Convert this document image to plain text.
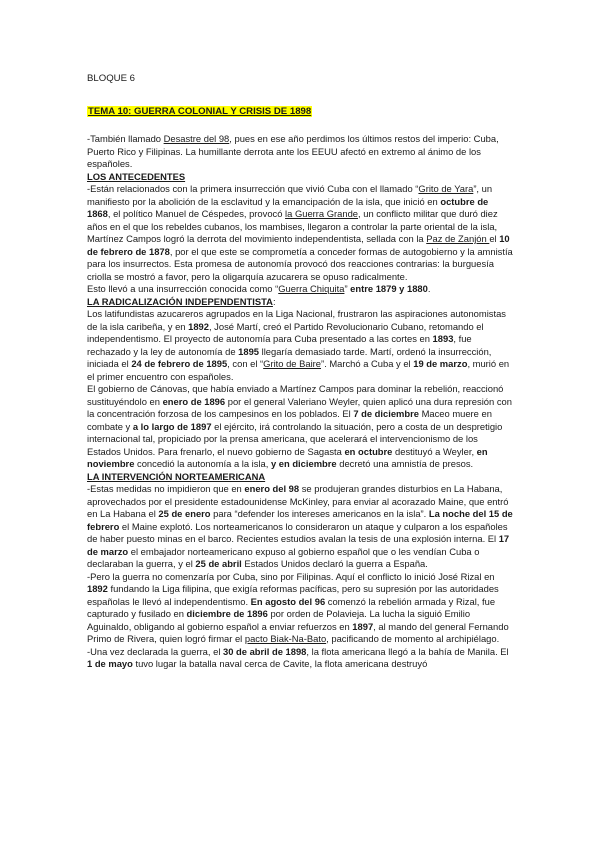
BLOQUE 6

TEMA 10: GUERRA COLONIAL Y CRISIS DE 1898

-También llamado Desastre del 98, pues en ese año perdimos los últimos restos del imperio: Cuba, Puerto Rico y Filipinas. La humillante derrota ante los EEUU afectó en extremo al ánimo de los españoles.

LOS ANTECEDENTES

-Están relacionados con la primera insurrección que vivió Cuba con el llamado “Grito de Yara”, un manifiesto por la abolición de la esclavitud y la emancipación de la isla, que inició en octubre de 1868, el político Manuel de Céspedes, provocó la Guerra Grande, un conflicto militar que duró diez años en el que los rebeldes cubanos, los mambises, llegaron a controlar la parte oriental de la isla, Martínez Campos logró la derrota del movimiento independentista, sellada con la Paz de Zanjón el 10 de febrero de 1878, por el que este se comprometía a conceder formas de autogobierno y la amnistía para los insurrectos. Esta promesa de autonomía provocó dos reacciones contrarias: la burguesía criolla se mostró a favor, pero la oligarquía azucarera se opuso radicalmente.

Esto llevó a una insurrección conocida como “Guerra Chiquita” entre 1879 y 1880.

LA RADICALIZACIÓN INDEPENDENTISTA:

Los latifundistas azucareros agrupados en la Liga Nacional, frustraron las aspiraciones autonomistas de la isla caribeña, y en 1892, José Martí, creó el Partido Revolucionario Cubano, retomando el independentismo. El proyecto de autonomía para Cuba presentado a las cortes en 1893, fue rechazado y la ley de autonomía de 1895 llegaría demasiado tarde. Martí, ordenó la insurrección, iniciada el 24 de febrero de 1895, con el “Grito de Baire”. Marchó a Cuba y el 19 de marzo, murió en el primer encuentro con españoles.

El gobierno de Cánovas, que había enviado a Martínez Campos para dominar la rebelión, reaccionó sustituyéndolo en enero de 1896 por el general Valeriano Weyler, quien aplicó una dura represión con la concentración forzosa de los campesinos en los poblados. El 7 de diciembre Maceo muere en combate y a lo largo de 1897 el ejército, irá controlando la situación, pero a costa de un despretigio internacional tal, propiciado por la prensa americana, que acelerará el intervencionismo de los Estados Unidos. Para frenarlo, el nuevo gobierno de Sagasta en octubre destituyó a Weyler, en noviembre concedió la autonomía a la isla, y en diciembre decretó una amnistía de presos.

LA INTERVENCIÓN NORTEAMERICANA

-Estas medidas no impidieron que en enero del 98 se produjeran grandes disturbios en La Habana, aprovechados por el presidente estadounidense McKinley, para enviar al acorazado Maine, que entró en La Habana el 25 de enero para “defender los intereses americanos en la isla”. La noche del 15 de febrero el Maine explotó. Los norteamericanos lo consideraron un ataque y culparon a los españoles de haber puesto minas en el barco. Recientes estudios avalan la tesis de una explosión interna. El 17 de marzo el embajador norteamericano expuso al gobierno español que o les vendían Cuba o declaraban la guerra, y el 25 de abril Estados Unidos declaró la guerra a España.

-Pero la guerra no comenzaría por Cuba, sino por Filipinas. Aquí el conflicto lo inició José Rizal en 1892 fundando la Liga filipina, que exigía reformas pacíficas, pero su supresión por las autoridades españolas le llevó al independentismo. En agosto del 96 comenzó la rebelión armada y Rizal, fue capturado y fusilado en diciembre de 1896 por orden de Polavieja. La lucha la siguió Emilio Aguinaldo, obligando al gobierno español a enviar refuerzos en 1897, al mando del general Fernando Primo de Rivera, quien logró firmar el pacto Biak-Na-Bato, pacificando de momento al archipiélago.

-Una vez declarada la guerra, el 30 de abril de 1898, la flota americana llegó a la bahía de Manila. El 1 de mayo tuvo lugar la batalla naval cerca de Cavite, la flota americana destruyó
